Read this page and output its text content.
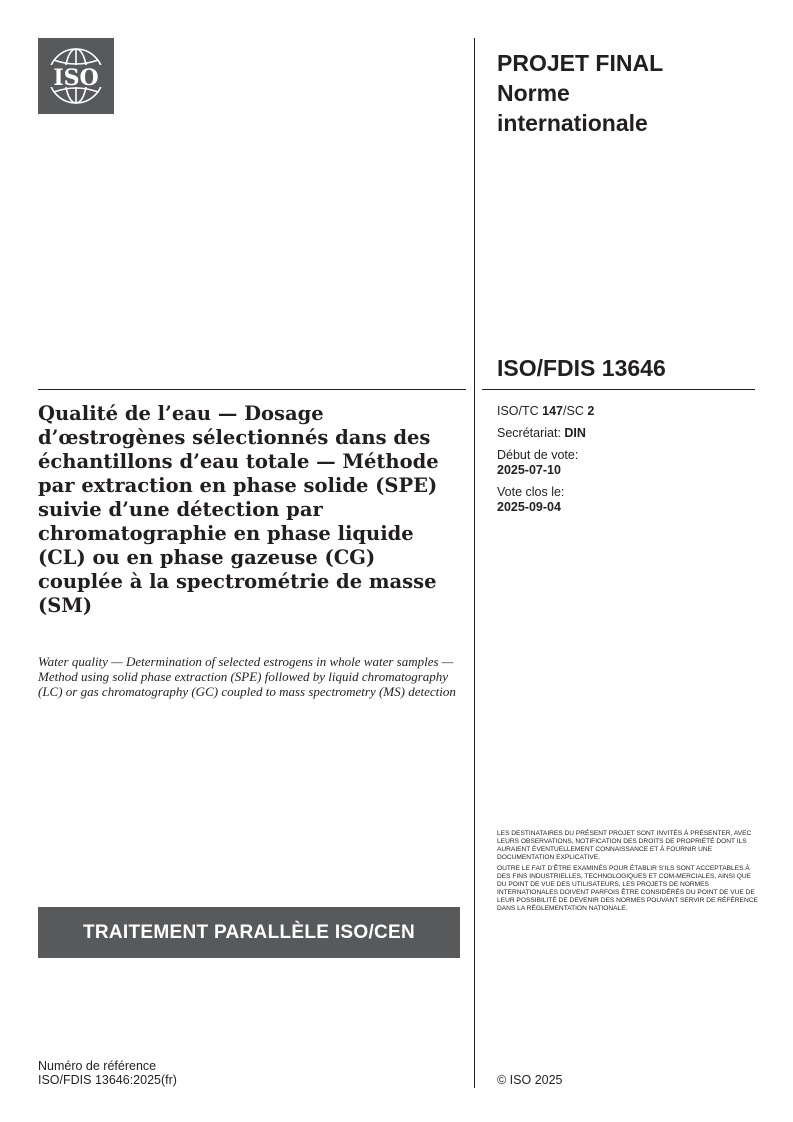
ISO
PROJET FINAL
Norme
internationale
ISO/FDIS 13646
ISO/TC 147/SC 2
Secrétariat: DIN
Début de vote:
2025-07-10
Vote clos le:
2025-09-04
Qualité de l’eau — Dosage d’œstrogènes sélectionnés dans des échantillons d’eau totale — Méthode par extraction en phase solide (SPE) suivie d’une détection par chromatographie en phase liquide (CL) ou en phase gazeuse (CG) couplée à la spectrométrie de masse (SM)

Water quality — Determination of selected estrogens in whole water samples — Method using solid phase extraction (SPE) followed by liquid chromatography (LC) or gas chromatography (GC) coupled to mass spectrometry (MS) detection

LES DESTINATAIRES DU PRÉSENT PROJET SONT INVITÉS À PRÉSENTER, AVEC LEURS OBSERVATIONS, NOTIFICATION DES DROITS DE PROPRIÉTÉ DONT ILS AURAIENT ÉVENTUELLEMENT CONNAISSANCE ET À FOURNIR UNE DOCUMENTATION EXPLICATIVE.

OUTRE LE FAIT D’ÊTRE EXAMINÉS POUR ÉTABLIR S’ILS SONT ACCEPTABLES À DES FINS INDUSTRIELLES, TECHNOLOGIQUES ET COM-MERCIALES, AINSI QUE DU POINT DE VUE DES UTILISATEURS, LES PROJETS DE NORMES INTERNATIONALES DOIVENT PARFOIS ÊTRE CONSIDÉRÉS DU POINT DE VUE DE LEUR POSSIBILITÉ DE DEVENIR DES NORMES POUVANT SERVIR DE RÉFÉRENCE DANS LA RÉGLEMENTATION NATIONALE.

TRAITEMENT PARALLÈLE ISO/CEN
Numéro de référence
ISO/FDIS 13646:2025(fr)	© ISO 2025
